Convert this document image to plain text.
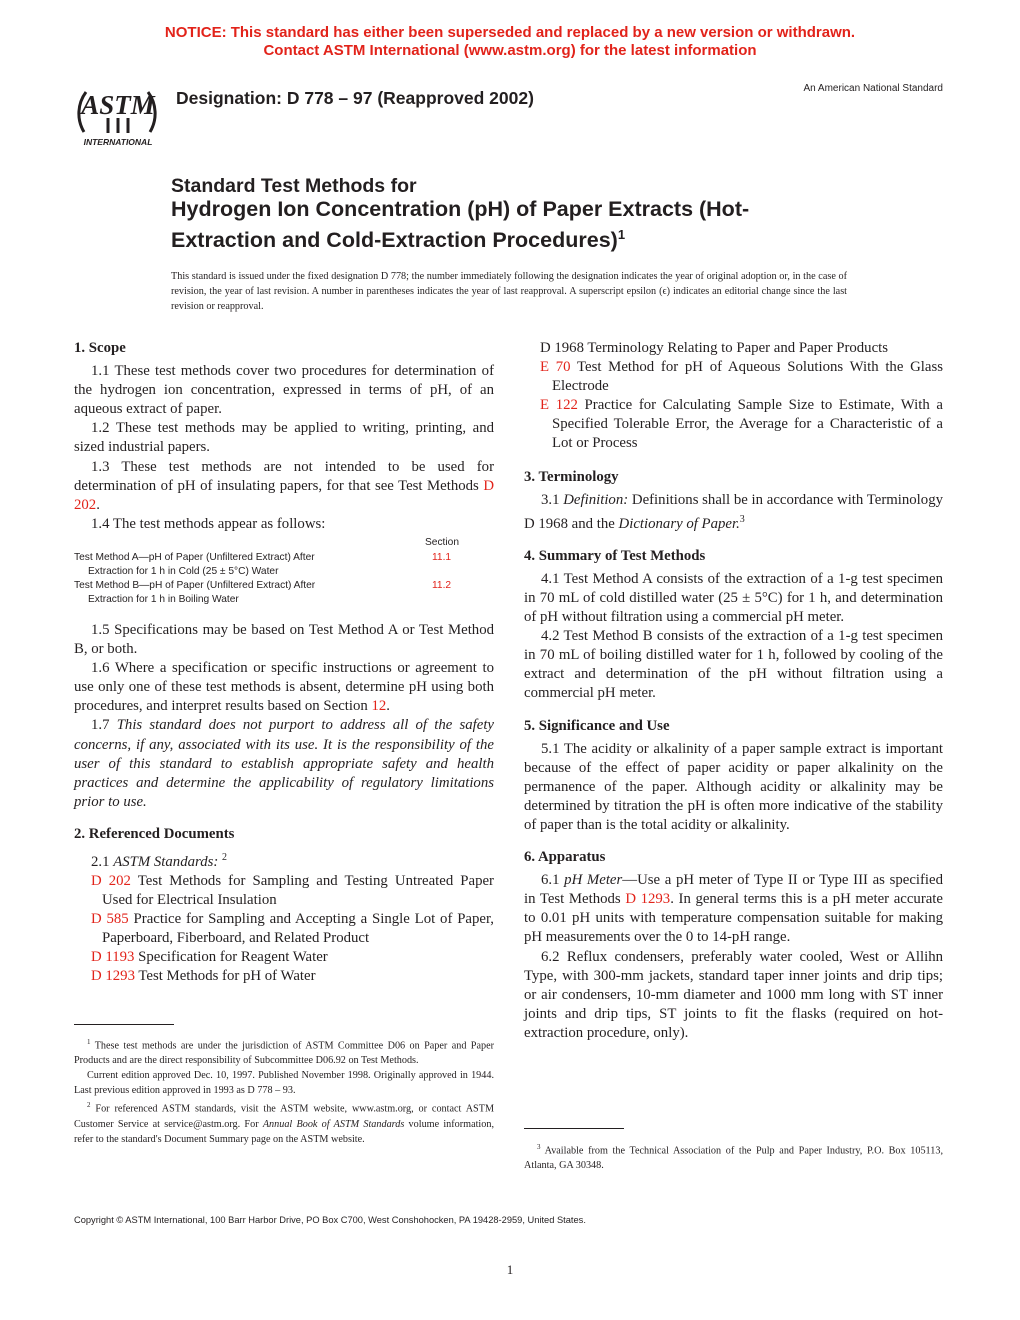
NOTICE: This standard has either been superseded and replaced by a new version or withdrawn.
Contact ASTM International (www.astm.org) for the latest information
ASTM
INTERNATIONAL
Designation: D 778 – 97 (Reapproved 2002)	An American National Standard
Standard Test Methods for
Hydrogen Ion Concentration (pH) of Paper Extracts (Hot-Extraction and Cold-Extraction Procedures)$^1$
This standard is issued under the fixed designation D 778; the number immediately following the designation indicates the year of original adoption or, in the case of revision, the year of last revision. A number in parentheses indicates the year of last reapproval. A superscript epsilon (ϵ) indicates an editorial change since the last revision or reapproval.
1. Scope

1.1 These test methods cover two procedures for determination of the hydrogen ion concentration, expressed in terms of pH, of an aqueous extract of paper.

1.2 These test methods may be applied to writing, printing, and sized industrial papers.

1.3 These test methods are not intended to be used for determination of pH of insulating papers, for that see Test Methods D 202.

1.4 The test methods appear as follows:

Section
Test Method A—pH of Paper (Unfiltered Extract) After
Extraction for 1 h in Cold (25 ± 5°C) Water
11.1
Test Method B—pH of Paper (Unfiltered Extract) After
Extraction for 1 h in Boiling Water
11.2

1.5 Specifications may be based on Test Method A or Test Method B, or both.

1.6 Where a specification or specific instructions or agreement to use only one of these test methods is absent, determine pH using both procedures, and interpret results based on Section 12.

1.7 This standard does not purport to address all of the safety concerns, if any, associated with its use. It is the responsibility of the user of this standard to establish appropriate safety and health practices and determine the applicability of regulatory limitations prior to use.

2. Referenced Documents

2.1 ASTM Standards: $^2$

D 202 Test Methods for Sampling and Testing Untreated Paper Used for Electrical Insulation

D 585 Practice for Sampling and Accepting a Single Lot of Paper, Paperboard, Fiberboard, and Related Product

D 1193 Specification for Reagent Water

D 1293 Test Methods for pH of Water

$^1$ These test methods are under the jurisdiction of ASTM Committee D06 on Paper and Paper Products and are the direct responsibility of Subcommittee D06.92 on Test Methods.

Current edition approved Dec. 10, 1997. Published November 1998. Originally approved in 1944. Last previous edition approved in 1993 as D 778 – 93.

$^2$ For referenced ASTM standards, visit the ASTM website, www.astm.org, or contact ASTM Customer Service at service@astm.org. For Annual Book of ASTM Standards volume information, refer to the standard's Document Summary page on the ASTM website.

D 1968 Terminology Relating to Paper and Paper Products

E 70 Test Method for pH of Aqueous Solutions With the Glass Electrode

E 122 Practice for Calculating Sample Size to Estimate, With a Specified Tolerable Error, the Average for a Characteristic of a Lot or Process

3. Terminology

3.1 Definition: Definitions shall be in accordance with Terminology D 1968 and the Dictionary of Paper.$^3$

4. Summary of Test Methods

4.1 Test Method A consists of the extraction of a 1-g test specimen in 70 mL of cold distilled water (25 ± 5°C) for 1 h, and determination of pH without filtration using a commercial pH meter.

4.2 Test Method B consists of the extraction of a 1-g test specimen in 70 mL of boiling distilled water for 1 h, followed by cooling of the extract and determination of the pH without filtration using a commercial pH meter.

5. Significance and Use

5.1 The acidity or alkalinity of a paper sample extract is important because of the effect of paper acidity or paper alkalinity on the permanence of the paper. Although acidity or alkalinity may be determined by titration the pH is often more indicative of the stability of paper than is the total acidity or alkalinity.

6. Apparatus

6.1 pH Meter—Use a pH meter of Type II or Type III as specified in Test Methods D 1293. In general terms this is a pH meter accurate to 0.01 pH units with temperature compensation suitable for making pH measurements over the 0 to 14-pH range.

6.2 Reflux condensers, preferably water cooled, West or Allihn Type, with 300-mm jackets, standard taper inner joints and drip tips; or air condensers, 10-mm diameter and 1000 mm long with ST inner joints and drip tips, ST joints to fit the flasks (required on hot-extraction procedure, only).

$^3$ Available from the Technical Association of the Pulp and Paper Industry, P.O. Box 105113, Atlanta, GA 30348.

Copyright © ASTM International, 100 Barr Harbor Drive, PO Box C700, West Conshohocken, PA 19428-2959, United States.
1
